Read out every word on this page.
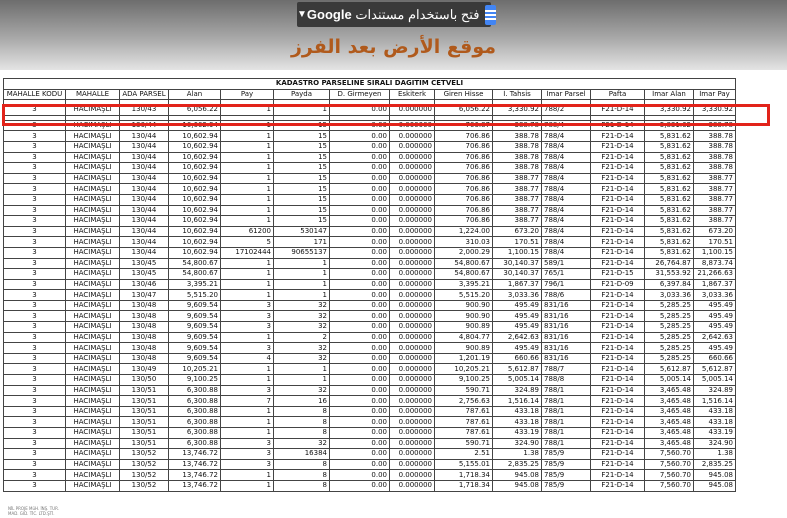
▼	فتح باستخدام مستندات Google
موقع الأرض بعد الفرز
KADASTRO PARSELINE SIRALI DAĞITIM CETVELI													
MAHALLE KODU	MAHALLE	ADA PARSEL	Alan	Pay	Payda	D. Girmeyen	Eskiterk	Giren Hisse	İ. Tahsis	İmar Parsel	Pafta	İmar Alan	İmar Pay

3	HACIMAŞLI	130/43	6,056.22	1	1	0.00	0.000000	6,056.22	3,330.92	788/2	F21-D-14	3,330.92	3,330.92

3	HACIMAŞLI	130/44	10,602.94	1	15	0.00	0.000000	706.87	388.78	788/4	F21-D-14	5,831.62	388.78
3	HACIMAŞLI	130/44	10,602.94	1	15	0.00	0.000000	706.86	388.78	788/4	F21-D-14	5,831.62	388.78
3	HACIMAŞLI	130/44	10,602.94	1	15	0.00	0.000000	706.86	388.78	788/4	F21-D-14	5,831.62	388.78
3	HACIMAŞLI	130/44	10,602.94	1	15	0.00	0.000000	706.86	388.78	788/4	F21-D-14	5,831.62	388.78
3	HACIMAŞLI	130/44	10,602.94	1	15	0.00	0.000000	706.86	388.78	788/4	F21-D-14	5,831.62	388.78
3	HACIMAŞLI	130/44	10,602.94	1	15	0.00	0.000000	706.86	388.77	788/4	F21-D-14	5,831.62	388.77
3	HACIMAŞLI	130/44	10,602.94	1	15	0.00	0.000000	706.86	388.77	788/4	F21-D-14	5,831.62	388.77
3	HACIMAŞLI	130/44	10,602.94	1	15	0.00	0.000000	706.86	388.77	788/4	F21-D-14	5,831.62	388.77
3	HACIMAŞLI	130/44	10,602.94	1	15	0.00	0.000000	706.86	388.77	788/4	F21-D-14	5,831.62	388.77
3	HACIMAŞLI	130/44	10,602.94	1	15	0.00	0.000000	706.86	388.77	788/4	F21-D-14	5,831.62	388.77
3	HACIMAŞLI	130/44	10,602.94	61200	530147	0.00	0.000000	1,224.00	673.20	788/4	F21-D-14	5,831.62	673.20
3	HACIMAŞLI	130/44	10,602.94	5	171	0.00	0.000000	310.03	170.51	788/4	F21-D-14	5,831.62	170.51
3	HACIMAŞLI	130/44	10,602.94	17102444	90655137	0.00	0.000000	2,000.29	1,100.15	788/4	F21-D-14	5,831.62	1,100.15
3	HACIMAŞLI	130/45	54,800.67	1	1	0.00	0.000000	54,800.67	30,140.37	589/1	F21-D-14	26,764.87	8,873.74
3	HACIMAŞLI	130/45	54,800.67	1	1	0.00	0.000000	54,800.67	30,140.37	765/1	F21-D-15	31,553.92	21,266.63
3	HACIMAŞLI	130/46	3,395.21	1	1	0.00	0.000000	3,395.21	1,867.37	796/1	F21-D-09	6,397.84	1,867.37
3	HACIMAŞLI	130/47	5,515.20	1	1	0.00	0.000000	5,515.20	3,033.36	788/6	F21-D-14	3,033.36	3,033.36
3	HACIMAŞLI	130/48	9,609.54	3	32	0.00	0.000000	900.90	495.49	831/16	F21-D-14	5,285.25	495.49
3	HACIMAŞLI	130/48	9,609.54	3	32	0.00	0.000000	900.90	495.49	831/16	F21-D-14	5,285.25	495.49
3	HACIMAŞLI	130/48	9,609.54	3	32	0.00	0.000000	900.89	495.49	831/16	F21-D-14	5,285.25	495.49
3	HACIMAŞLI	130/48	9,609.54	1	2	0.00	0.000000	4,804.77	2,642.63	831/16	F21-D-14	5,285.25	2,642.63
3	HACIMAŞLI	130/48	9,609.54	3	32	0.00	0.000000	900.89	495.49	831/16	F21-D-14	5,285.25	495.49
3	HACIMAŞLI	130/48	9,609.54	4	32	0.00	0.000000	1,201.19	660.66	831/16	F21-D-14	5,285.25	660.66
3	HACIMAŞLI	130/49	10,205.21	1	1	0.00	0.000000	10,205.21	5,612.87	788/7	F21-D-14	5,612.87	5,612.87
3	HACIMAŞLI	130/50	9,100.25	1	1	0.00	0.000000	9,100.25	5,005.14	788/8	F21-D-14	5,005.14	5,005.14
3	HACIMAŞLI	130/51	6,300.88	3	32	0.00	0.000000	590.71	324.89	788/1	F21-D-14	3,465.48	324.89
3	HACIMAŞLI	130/51	6,300.88	7	16	0.00	0.000000	2,756.63	1,516.14	788/1	F21-D-14	3,465.48	1,516.14
3	HACIMAŞLI	130/51	6,300.88	1	8	0.00	0.000000	787.61	433.18	788/1	F21-D-14	3,465.48	433.18
3	HACIMAŞLI	130/51	6,300.88	1	8	0.00	0.000000	787.61	433.18	788/1	F21-D-14	3,465.48	433.18
3	HACIMAŞLI	130/51	6,300.88	1	8	0.00	0.000000	787.61	433.19	788/1	F21-D-14	3,465.48	433.19
3	HACIMAŞLI	130/51	6,300.88	3	32	0.00	0.000000	590.71	324.90	788/1	F21-D-14	3,465.48	324.90
3	HACIMAŞLI	130/52	13,746.72	3	16384	0.00	0.000000	2.51	1.38	785/9	F21-D-14	7,560.70	1.38
3	HACIMAŞLI	130/52	13,746.72	3	8	0.00	0.000000	5,155.01	2,835.25	785/9	F21-D-14	7,560.70	2,835.25
3	HACIMAŞLI	130/52	13,746.72	1	8	0.00	0.000000	1,718.34	945.08	785/9	F21-D-14	7,560.70	945.08
3	HACIMAŞLI	130/52	13,746.72	1	8	0.00	0.000000	1,718.34	945.08	785/9	F21-D-14	7,560.70	945.08
NİL PROJE MüH. İNŞ. TUR.
MAD. GID. TİC. LTD.ŞTİ.
